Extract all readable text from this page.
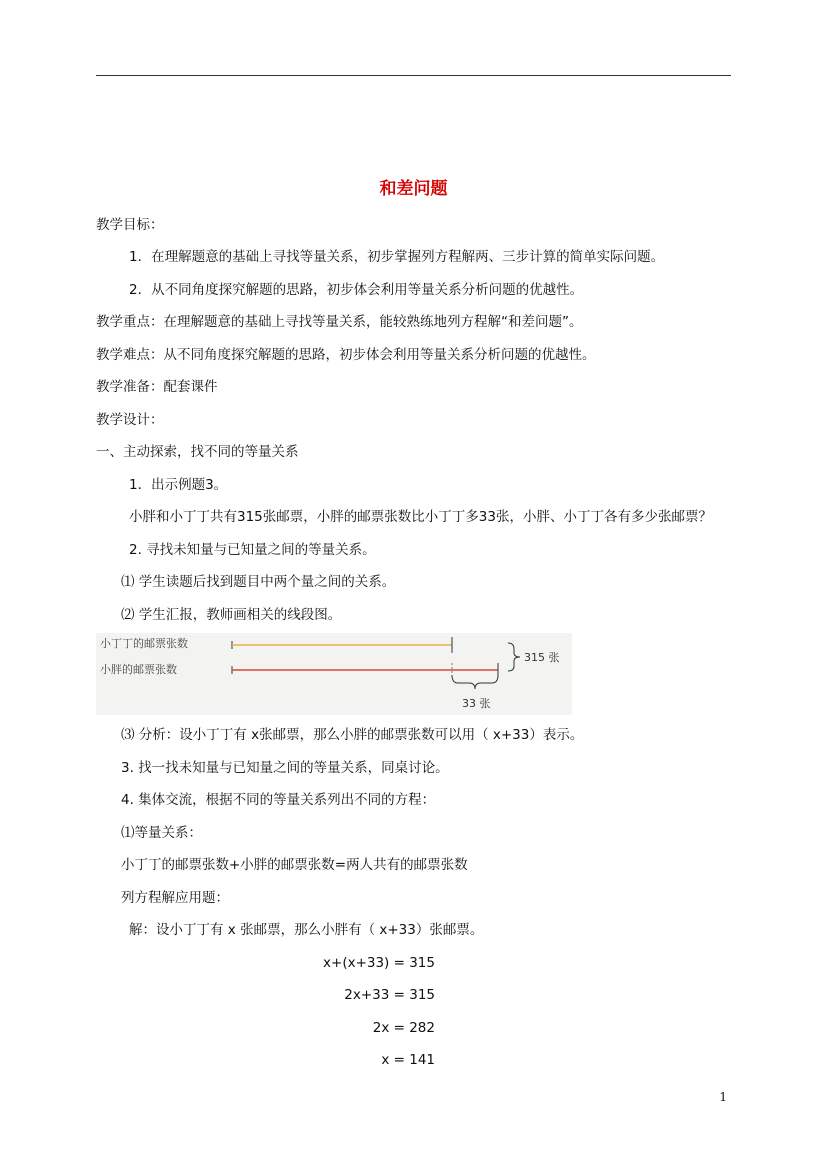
和差问题
教学目标：
1．在理解题意的基础上寻找等量关系，初步掌握列方程解两、三步计算的简单实际问题。
2．从不同角度探究解题的思路，初步体会利用等量关系分析问题的优越性。
教学重点：在理解题意的基础上寻找等量关系，能较熟练地列方程解“和差问题”。
教学难点：从不同角度探究解题的思路，初步体会利用等量关系分析问题的优越性。
教学准备：配套课件
教学设计：
一、主动探索，找不同的等量关系
1．出示例题3。
小胖和小丁丁共有315张邮票，小胖的邮票张数比小丁丁多33张，小胖、小丁丁各有多少张邮票？
2. 寻找未知量与已知量之间的等量关系。
⑴ 学生读题后找到题目中两个量之间的关系。
⑵ 学生汇报，教师画相关的线段图。
小丁丁的邮票张数
小胖的邮票张数
315 张
33 张
⑶ 分析：设小丁丁有 x张邮票，那么小胖的邮票张数可以用（ x+33）表示。
3. 找一找未知量与已知量之间的等量关系，同桌讨论。
4. 集体交流，根据不同的等量关系列出不同的方程：
⑴等量关系：
小丁丁的邮票张数+小胖的邮票张数=两人共有的邮票张数
列方程解应用题：
解：设小丁丁有 x 张邮票，那么小胖有（ x+33）张邮票。
x+(x+33) = 315
2x+33 = 315
2x = 282
x = 141
1
